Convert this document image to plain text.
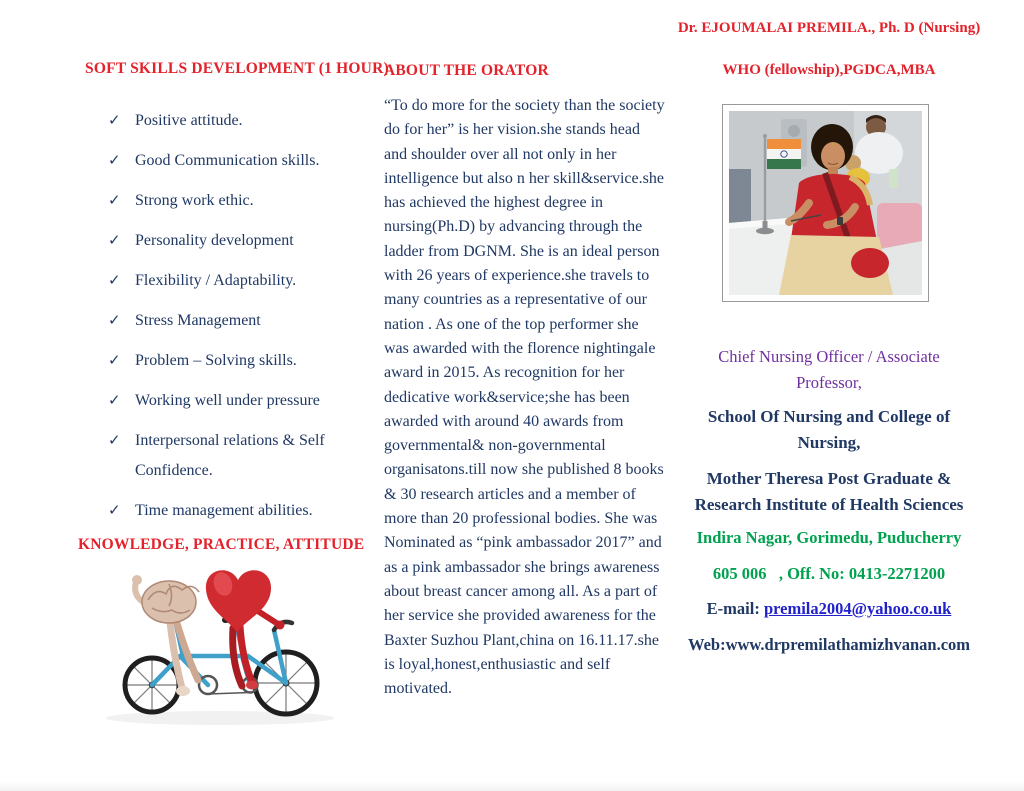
SOFT SKILLS DEVELOPMENT (1 HOUR)
✓ Positive attitude.
✓ Good Communication skills.
✓ Strong work ethic.
✓ Personality development
✓ Flexibility / Adaptability.
✓ Stress Management
✓ Problem – Solving skills.
✓ Working well under pressure
✓ Interpersonal relations & Self Confidence.
✓ Time management abilities.
KNOWLEDGE, PRACTICE, ATTITUDE
ABOUT THE ORATOR

“To do more for the society than the society do for her” is her vision.she stands head and shoulder over all not only in her intelligence but also n her skill&service.she has achieved the highest degree in nursing(Ph.D) by advancing through the ladder from DGNM. She is an ideal person with 26 years of experience.she travels to many countries as a representative of our nation . As one of the top performer she was awarded with the florence nightingale award in 2015. As recognition for her dedicative work&service;she has been awarded with around 40 awards from governmental& non-governmental organisatons.till now she published 8 books & 30 research articles and a member of more than 20 professional bodies. She was Nominated as “pink ambassador 2017” and as a pink ambassador she brings awareness about breast cancer among all. As a part of her service she provided awareness for the Baxter Suzhou Plant,china on 16.11.17.she is loyal,honest,enthusiastic and self motivated.

Dr. EJOUMALAI PREMILA., Ph. D (Nursing)
WHO (fellowship),PGDCA,MBA
Chief Nursing Officer / Associate Professor,
School Of Nursing and College of Nursing,
Mother Theresa Post Graduate & Research Institute of Health Sciences
Indira Nagar, Gorimedu, Puducherry
605 006   , Off. No: 0413-2271200
E-mail: premila2004@yahoo.co.uk
Web:www.drpremilathamizhvanan.com
